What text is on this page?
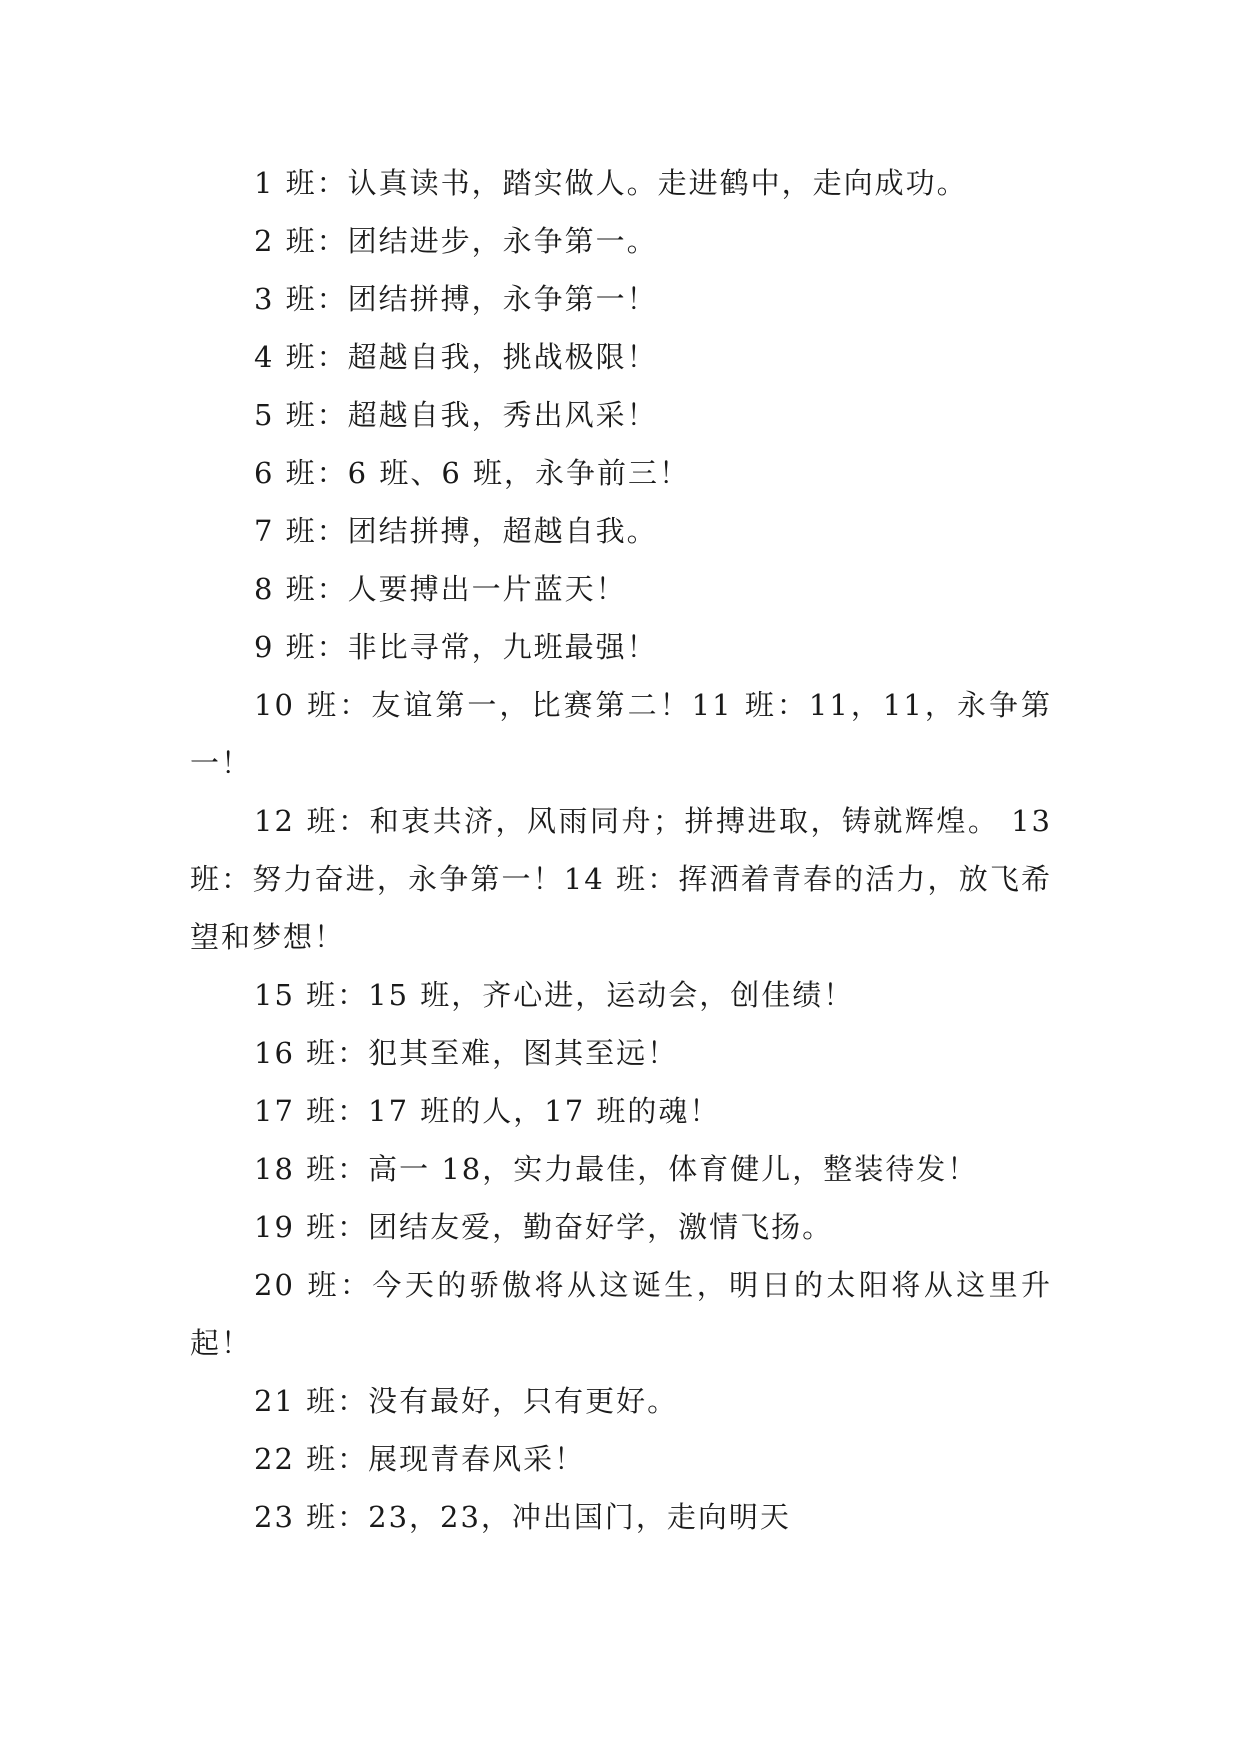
1 班：认真读书，踏实做人。走进鹤中，走向成功。

2 班：团结进步，永争第一。

3 班：团结拼搏，永争第一！

4 班：超越自我，挑战极限！

5 班：超越自我，秀出风采！

6 班：6 班、6 班，永争前三！

7 班：团结拼搏，超越自我。

8 班：人要搏出一片蓝天！

9 班：非比寻常，九班最强！

10 班：友谊第一，比赛第二！11 班：11，11，永争第一！

12 班：和衷共济，风雨同舟；拼搏进取，铸就辉煌。 13 班：努力奋进，永争第一！14 班：挥洒着青春的活力，放飞希望和梦想！

15 班：15 班，齐心进，运动会，创佳绩！

16 班：犯其至难，图其至远！

17 班：17 班的人，17 班的魂！

18 班：高一 18，实力最佳，体育健儿，整装待发！

19 班：团结友爱，勤奋好学，激情飞扬。

20 班：今天的骄傲将从这诞生，明日的太阳将从这里升起！

21 班：没有最好，只有更好。

22 班：展现青春风采！

23 班：23，23，冲出国门，走向明天
